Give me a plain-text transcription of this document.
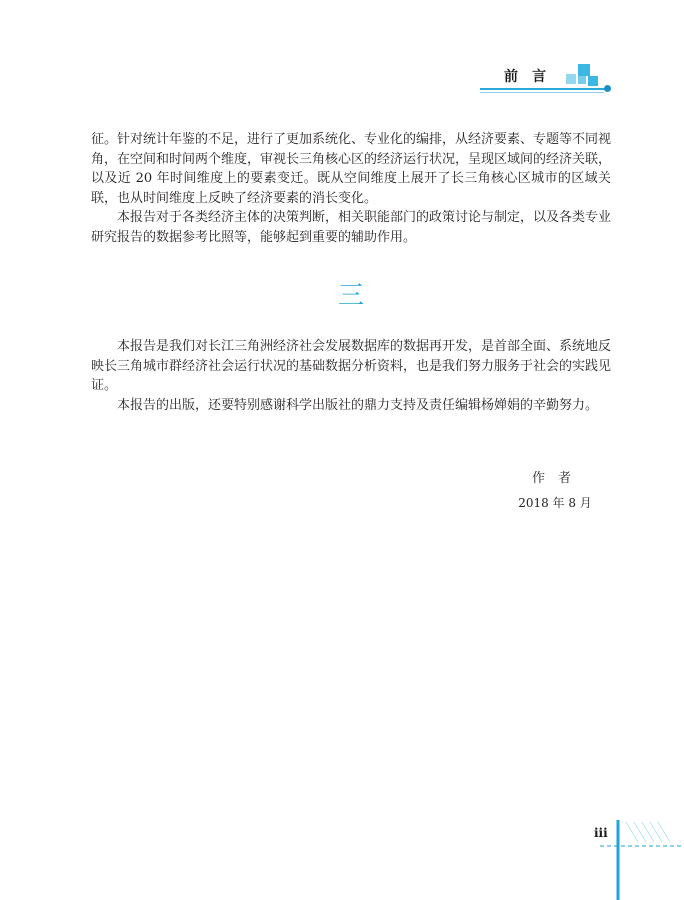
前言

征。针对统计年鉴的不足，进行了更加系统化、专业化的编排，从经济要素、专题等不同视角，在空间和时间两个维度，审视长三角核心区的经济运行状况，呈现区域间的经济关联，以及近 20 年时间维度上的要素变迁。既从空间维度上展开了长三角核心区城市的区域关联，也从时间维度上反映了经济要素的消长变化。

本报告对于各类经济主体的决策判断，相关职能部门的政策讨论与制定，以及各类专业研究报告的数据参考比照等，能够起到重要的辅助作用。

三

本报告是我们对长江三角洲经济社会发展数据库的数据再开发，是首部全面、系统地反映长三角城市群经济社会运行状况的基础数据分析资料，也是我们努力服务于社会的实践见证。

本报告的出版，还要特别感谢科学出版社的鼎力支持及责任编辑杨婵娟的辛勤努力。

作者
2018 年 8 月
iii
